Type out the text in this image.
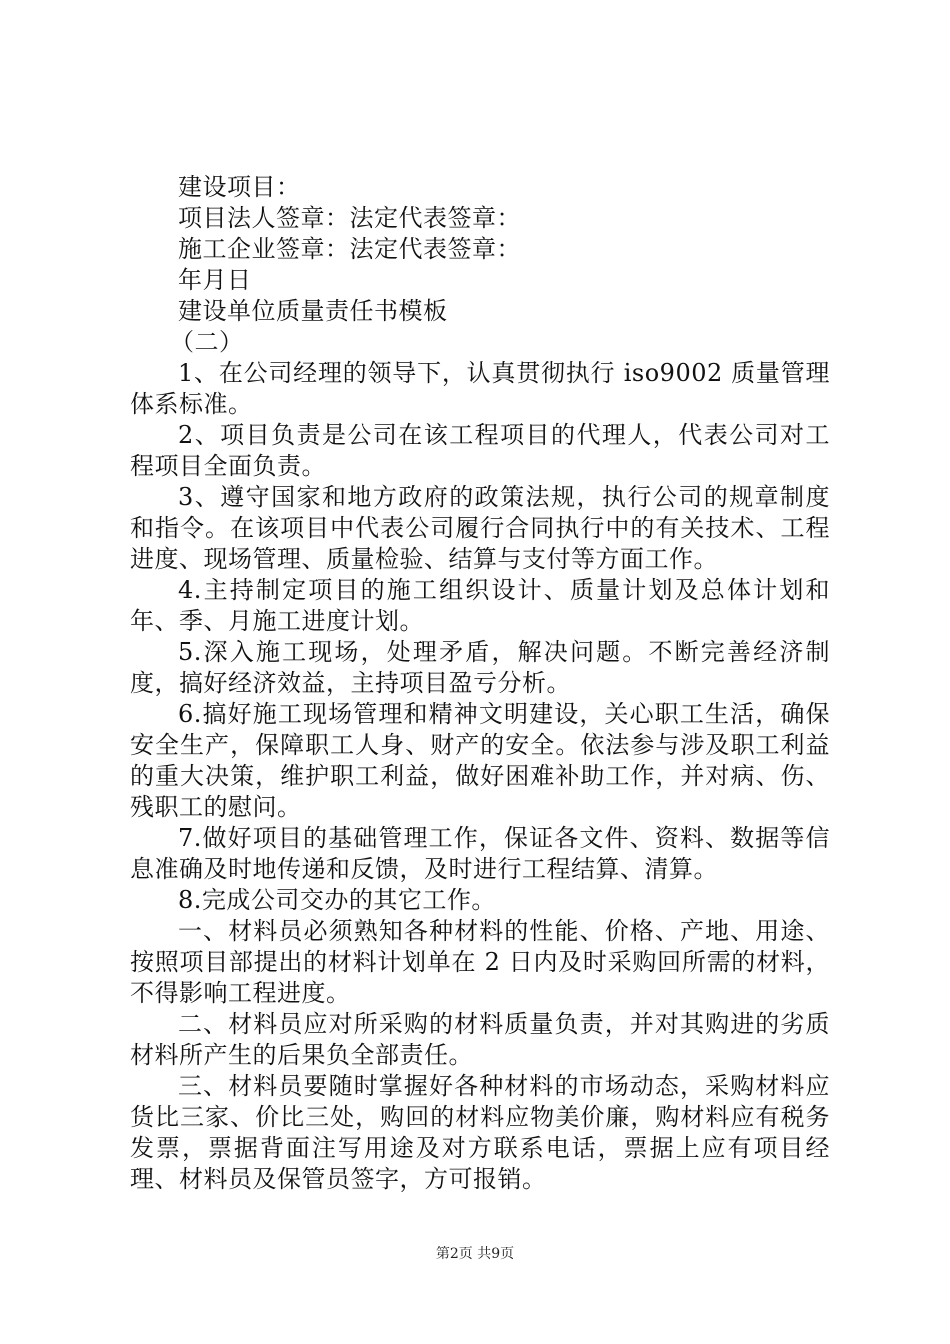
建设项目：
项目法人签章：法定代表签章：
施工企业签章：法定代表签章：
年月日
建设单位质量责任书模板
（二）

1、在公司经理的领导下，认真贯彻执行 iso9002 质量管理体系标准。

2、项目负责是公司在该工程项目的代理人，代表公司对工程项目全面负责。

3、遵守国家和地方政府的政策法规，执行公司的规章制度和指令。在该项目中代表公司履行合同执行中的有关技术、工程进度、现场管理、质量检验、结算与支付等方面工作。

4.主持制定项目的施工组织设计、质量计划及总体计划和年、季、月施工进度计划。

5.深入施工现场，处理矛盾，解决问题。不断完善经济制度，搞好经济效益，主持项目盈亏分析。

6.搞好施工现场管理和精神文明建设，关心职工生活，确保安全生产，保障职工人身、财产的安全。依法参与涉及职工利益的重大决策，维护职工利益，做好困难补助工作，并对病、伤、残职工的慰问。

7.做好项目的基础管理工作，保证各文件、资料、数据等信息准确及时地传递和反馈，及时进行工程结算、清算。

8.完成公司交办的其它工作。

一、材料员必须熟知各种材料的性能、价格、产地、用途、按照项目部提出的材料计划单在 2 日内及时采购回所需的材料，不得影响工程进度。

二、材料员应对所采购的材料质量负责，并对其购进的劣质材料所产生的后果负全部责任。

三、材料员要随时掌握好各种材料的市场动态，采购材料应货比三家、价比三处，购回的材料应物美价廉，购材料应有税务发票，票据背面注写用途及对方联系电话，票据上应有项目经理、材料员及保管员签字，方可报销。

第2页 共9页
